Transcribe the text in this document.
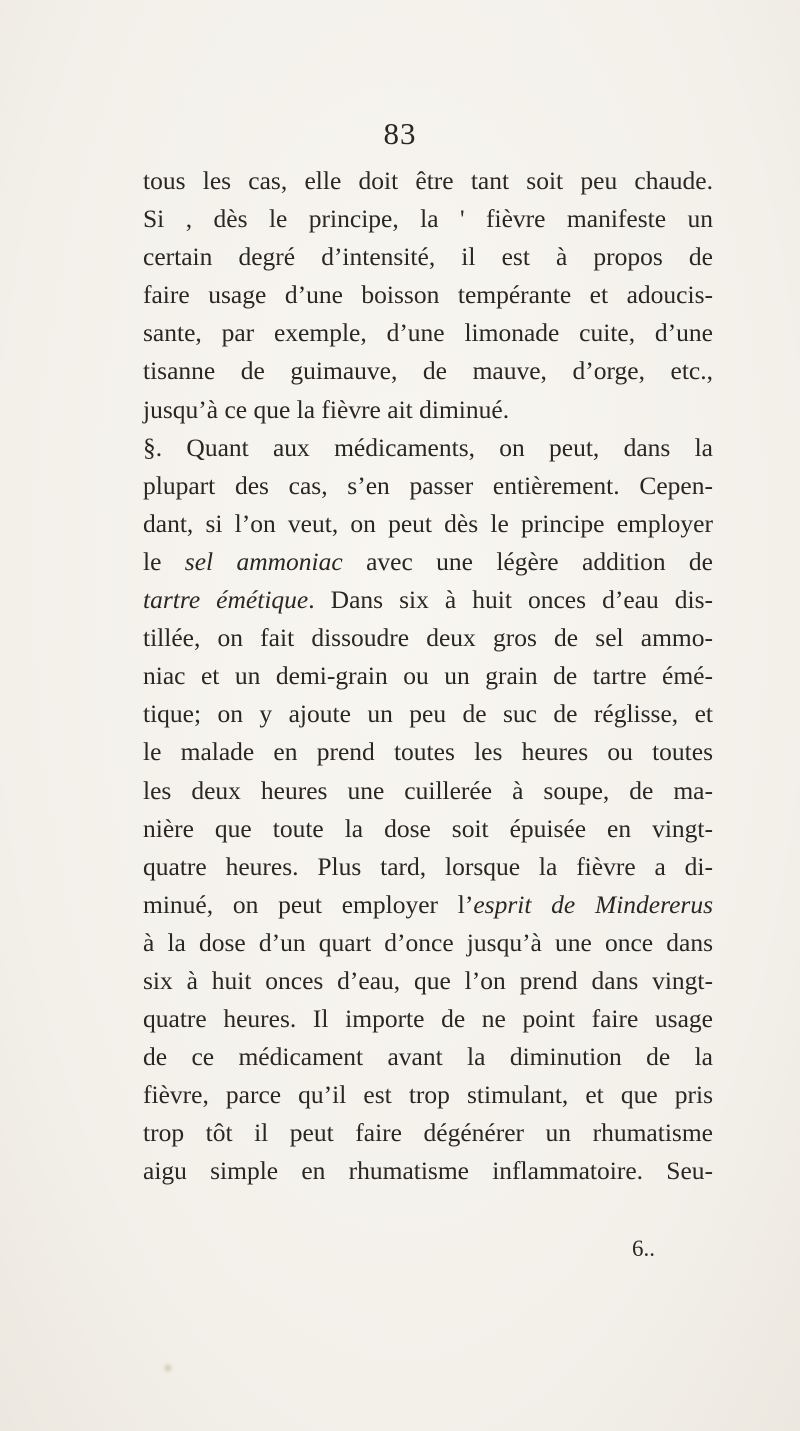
83
tous les cas, elle doit être tant soit peu chaude.
Si , dès le principe, la ' fièvre manifeste un
certain degré d’intensité, il est à propos de
faire usage d’une boisson tempérante et adoucis-
sante, par exemple, d’une limonade cuite, d’une
tisanne de guimauve, de mauve, d’orge, etc.,
jusqu’à ce que la fièvre ait diminué.
§. Quant aux médicaments, on peut, dans la
plupart des cas, s’en passer entièrement. Cepen-
dant, si l’on veut, on peut dès le principe employer
le sel ammoniac avec une légère addition de
tartre émétique. Dans six à huit onces d’eau dis-
tillée, on fait dissoudre deux gros de sel ammo-
niac et un demi-grain ou un grain de tartre émé-
tique; on y ajoute un peu de suc de réglisse, et
le malade en prend toutes les heures ou toutes
les deux heures une cuillerée à soupe, de ma-
nière que toute la dose soit épuisée en vingt-
quatre heures. Plus tard, lorsque la fièvre a di-
minué, on peut employer l’esprit de Mindererus
à la dose d’un quart d’once jusqu’à une once dans
six à huit onces d’eau, que l’on prend dans vingt-
quatre heures. Il importe de ne point faire usage
de ce médicament avant la diminution de la
fièvre, parce qu’il est trop stimulant, et que pris
trop tôt il peut faire dégénérer un rhumatisme
aigu simple en rhumatisme inflammatoire. Seu-
6..
